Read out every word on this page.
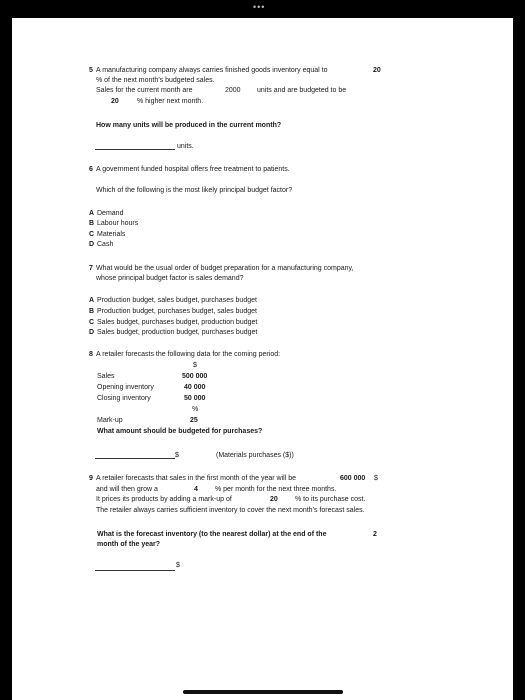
•••
5 A manufacturing company always carries finished goods inventory equal to	20
% of the next month’s budgeted sales.
Sales for the current month are	2000 units and are budgeted to be
20	% higher next month.
How many units will be produced in the current month?
units.
6 A government funded hospital offers free treatment to patients.
Which of the following is the most likely principal budget factor?
A Demand
B Labour hours
C Materials
D Cash
7 What would be the usual order of budget preparation for a manufacturing company,
whose principal budget factor is sales demand?
A Production budget, sales budget, purchases budget
B Production budget, purchases budget, sales budget
C Sales budget, purchases budget, production budget
D Sales budget, production budget, purchases budget
8 A retailer forecasts the following data for the coming period:
$
Sales	500 000
Opening inventory	40 000
Closing inventory	50 000
%
Mark-up	25
What amount should be budgeted for purchases?
$	(Materials purchases ($))
9 A retailer forecasts that sales in the first month of the year will be	600 000 $
and will then grow a	4 % per month for the next three months.
It prices its products by adding a mark-up of	20 % to its purchase cost.
The retailer always carries sufficient inventory to cover the next month’s forecast sales.
What is the forecast inventory (to the nearest dollar) at the end of the
month of the year?
2
$
